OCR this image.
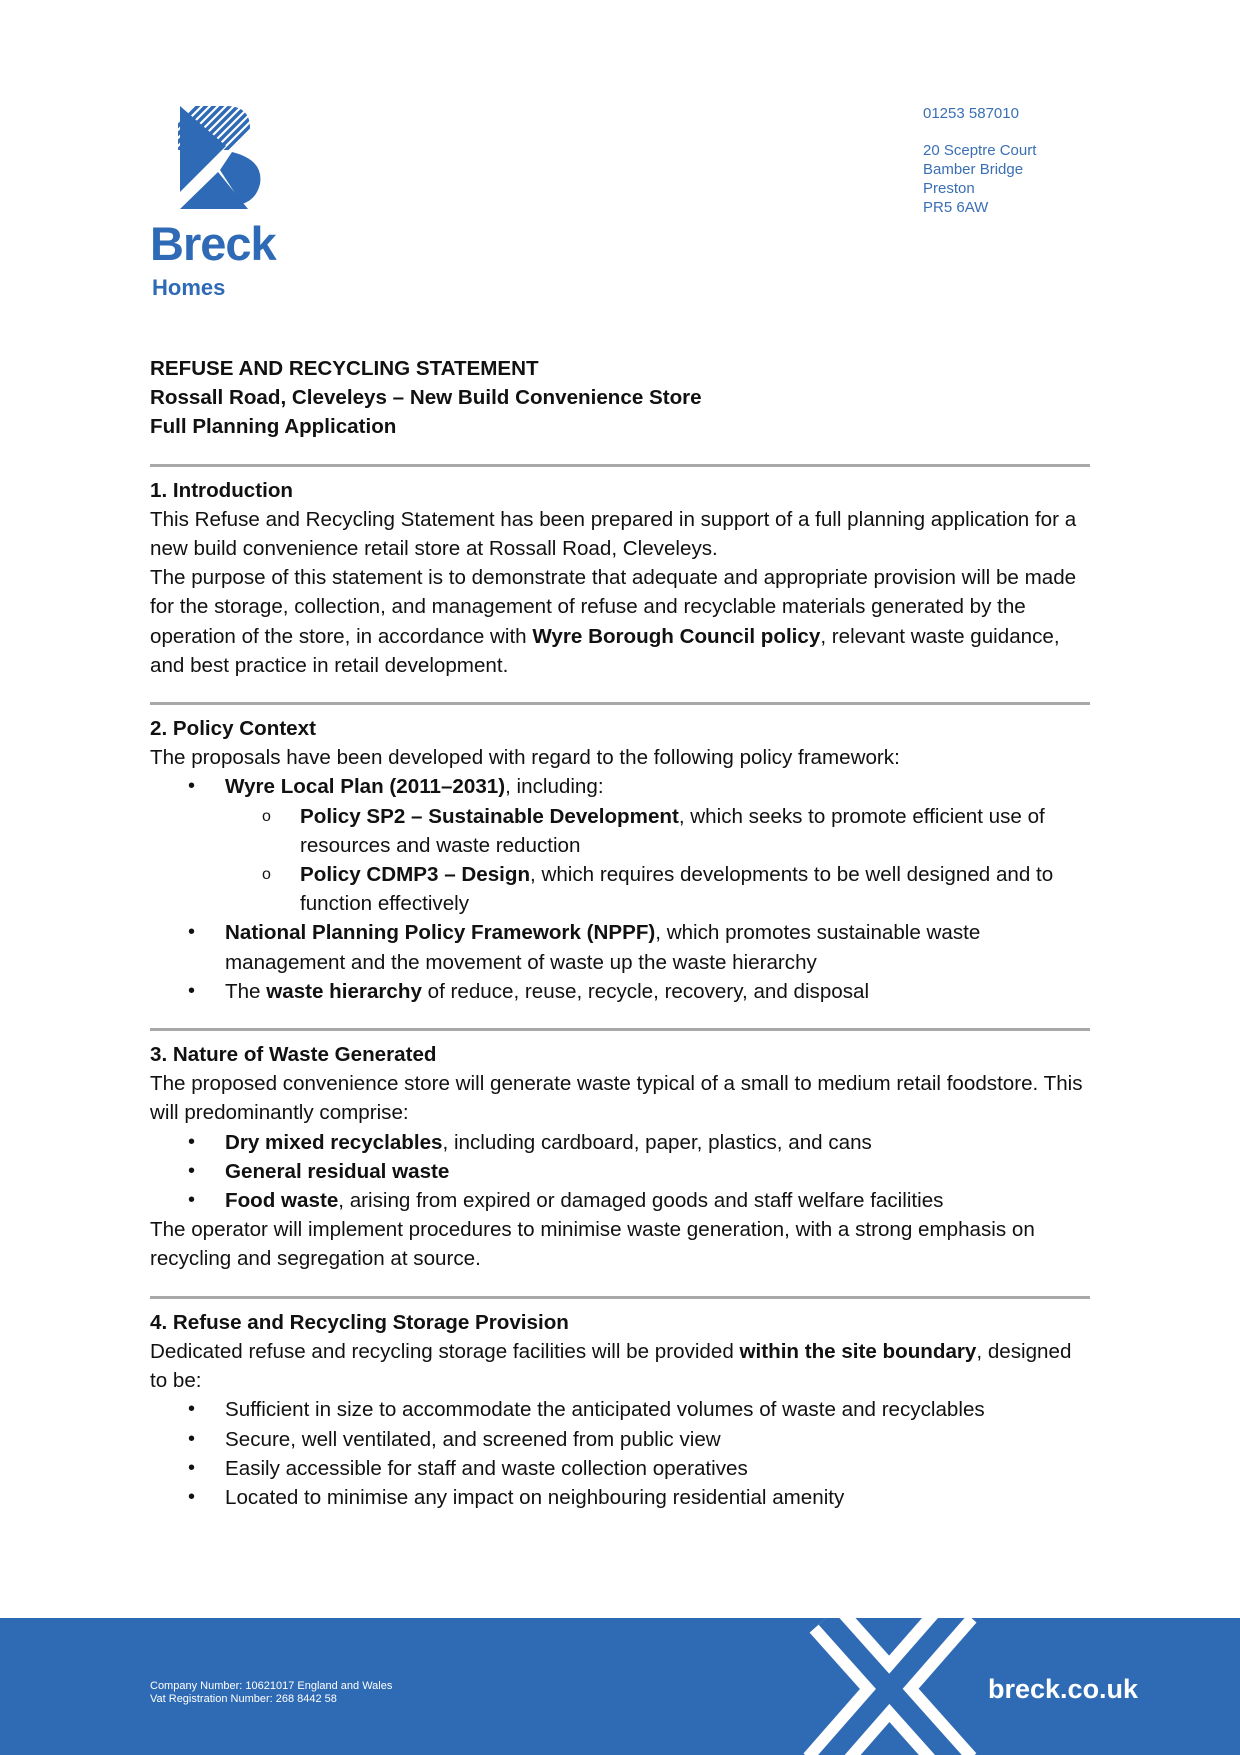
Breck
Homes
01253 587010
20 Sceptre Court
Bamber Bridge
Preston
PR5 6AW
REFUSE AND RECYCLING STATEMENT
Rossall Road, Cleveleys – New Build Convenience Store
Full Planning Application
1. Introduction

This Refuse and Recycling Statement has been prepared in support of a full planning application for a new build convenience retail store at Rossall Road, Cleveleys.

The purpose of this statement is to demonstrate that adequate and appropriate provision will be made for the storage, collection, and management of refuse and recyclable materials generated by the operation of the store, in accordance with Wyre Borough Council policy, relevant waste guidance, and best practice in retail development.

2. Policy Context

The proposals have been developed with regard to the following policy framework:

• Wyre Local Plan (2011–2031), including:
o Policy SP2 – Sustainable Development, which seeks to promote efficient use of resources and waste reduction
o Policy CDMP3 – Design, which requires developments to be well designed and to function effectively
• National Planning Policy Framework (NPPF), which promotes sustainable waste management and the movement of waste up the waste hierarchy
• The waste hierarchy of reduce, reuse, recycle, recovery, and disposal
3. Nature of Waste Generated

The proposed convenience store will generate waste typical of a small to medium retail foodstore. This will predominantly comprise:

• Dry mixed recyclables, including cardboard, paper, plastics, and cans
• General residual waste
• Food waste, arising from expired or damaged goods and staff welfare facilities

The operator will implement procedures to minimise waste generation, with a strong emphasis on recycling and segregation at source.

4. Refuse and Recycling Storage Provision

Dedicated refuse and recycling storage facilities will be provided within the site boundary, designed to be:

• Sufficient in size to accommodate the anticipated volumes of waste and recyclables
• Secure, well ventilated, and screened from public view
• Easily accessible for staff and waste collection operatives
• Located to minimise any impact on neighbouring residential amenity
Company Number: 10621017 England and Wales
Vat Registration Number: 268 8442 58	breck.co.uk
